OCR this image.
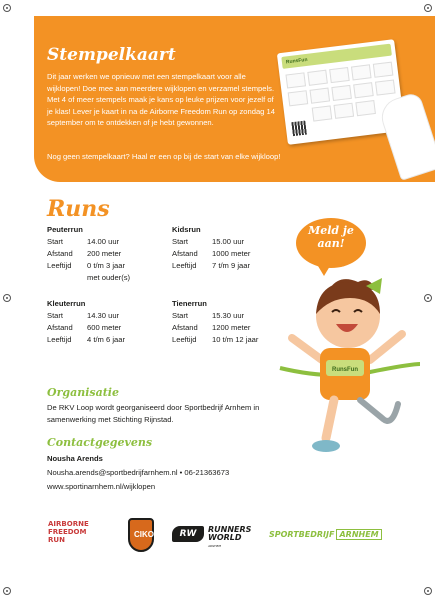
Stempelkaart
Dit jaar werken we opnieuw met een stempelkaart voor alle wijklopen! Doe mee aan meerdere wijklopen en verzamel stempels. Met 4 of meer stempels maak je kans op leuke prijzen voor jezelf of je klas! Lever je kaart in na de Airborne Freedom Run op zondag 14 september om te ontdekken of je hebt gewonnen.
Nog geen stempelkaart? Haal er een op bij de start van elke wijkloop!
RunsFun
Runs
Peuterrun
Start	14.00 uur
Afstand	200 meter
Leeftijd	0 t/m 3 jaar
met ouder(s)
Kidsrun
Start	15.00 uur
Afstand	1000 meter
Leeftijd	7 t/m 9 jaar
Kleuterrun
Start	14.30 uur
Afstand	600 meter
Leeftijd	4 t/m 6 jaar
Tienerrun
Start	15.30 uur
Afstand	1200 meter
Leeftijd	10 t/m 12 jaar
Meld je aan!
RunsFun
Organisatie
De RKV Loop wordt georganiseerd door Sportbedrijf Arnhem in samenwerking met Stichting Rijnstad.
Contactgegevens
Nousha Arends
Nousha.arends@sportbedrijfarnhem.nl • 06-21363673
www.sportinarnhem.nl/wijklopen
AIRBORNE
FREEDOM
RUN
CIKO	RW	RUNNERS
WORLD
ARNHEM
SPORTBEDRIJF ARNHEM
